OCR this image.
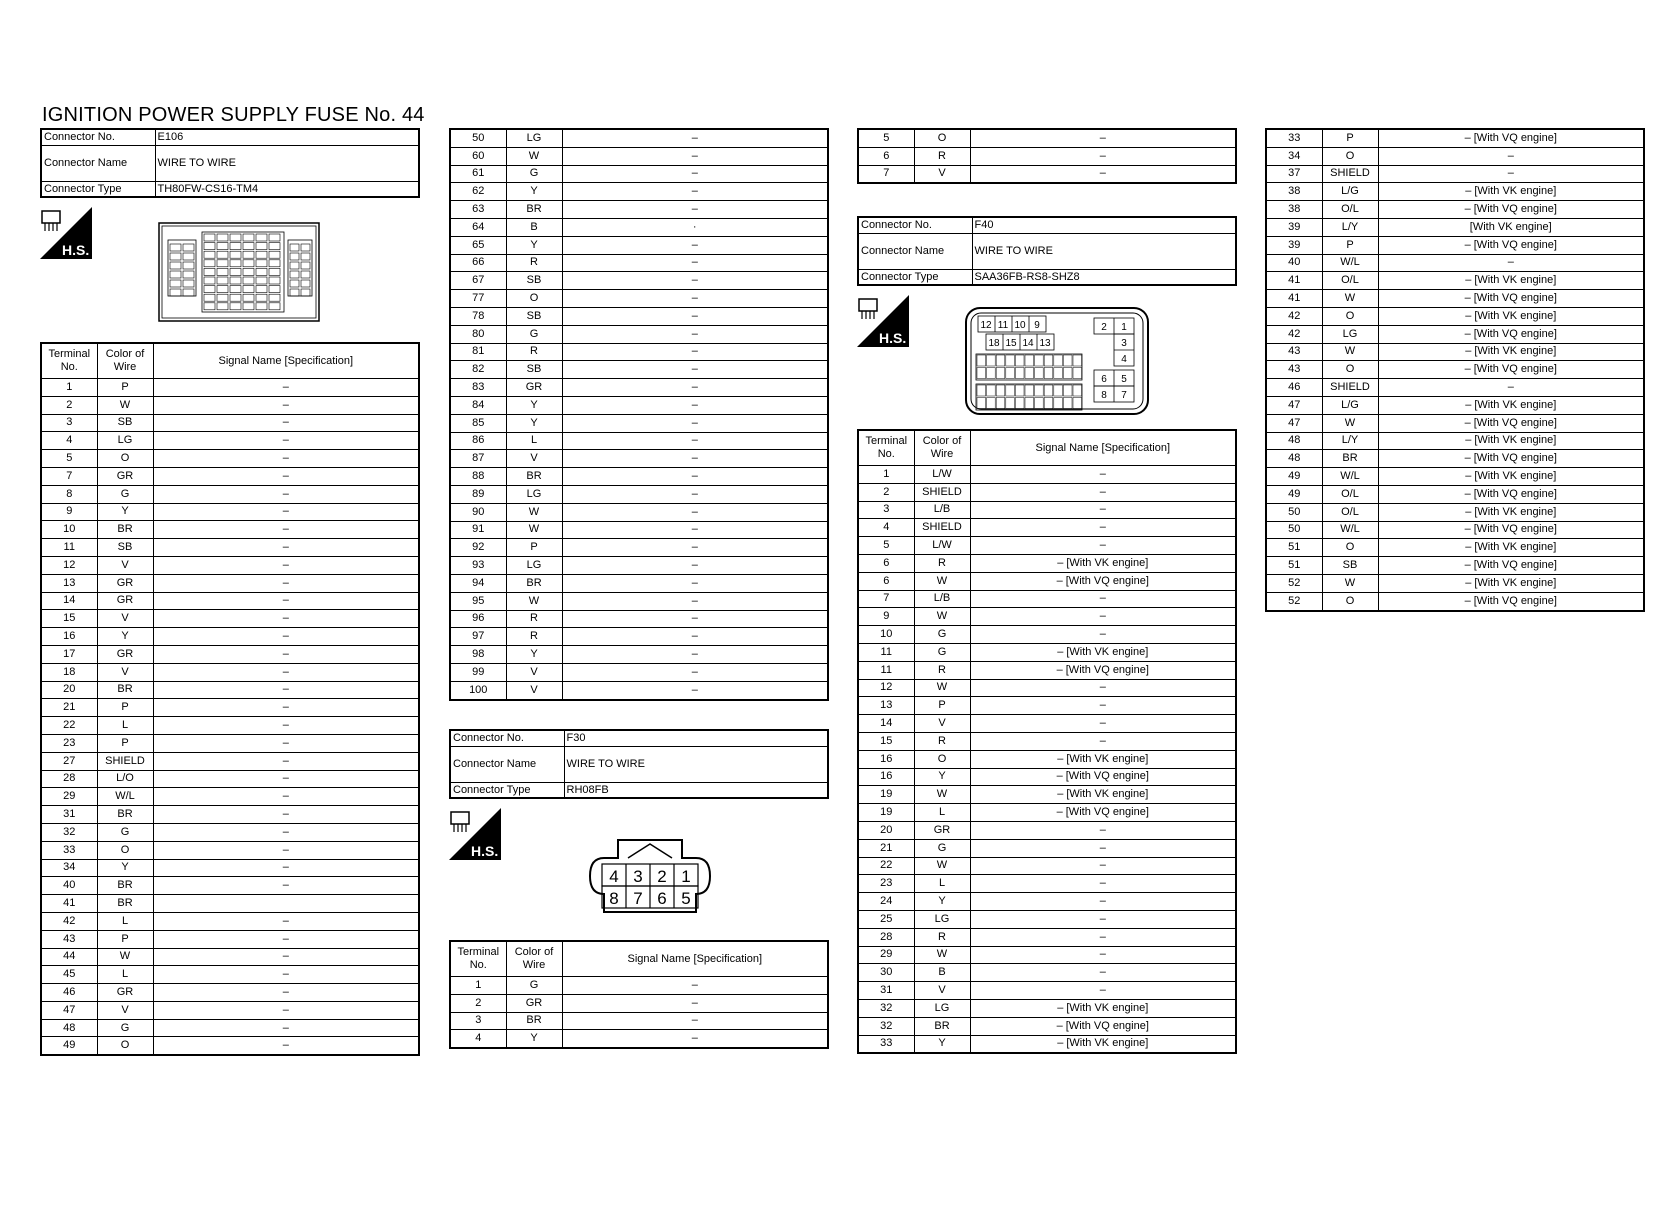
IGNITION POWER SUPPLY FUSE No. 44
Connector No.	E106
Connector Name	WIRE TO WIRE
Connector Type	TH80FW-CS16-TM4
H.S.
Terminal No.	Color of Wire	Signal Name [Specification]
1	P	–
2	W	–
3	SB	–
4	LG	–
5	O	–
7	GR	–
8	G	–
9	Y	–
10	BR	–
11	SB	–
12	V	–
13	GR	–
14	GR	–
15	V	–
16	Y	–
17	GR	–
18	V	–
20	BR	–
21	P	–
22	L	–
23	P	–
27	SHIELD	–
28	L/O	–
29	W/L	–
31	BR	–
32	G	–
33	O	–
34	Y	–
40	BR	–
41	BR	
42	L	–
43	P	–
44	W	–
45	L	–
46	GR	–
47	V	–
48	G	–
49	O	–
50	LG	–
60	W	–
61	G	–
62	Y	–
63	BR	–
64	B	·
65	Y	–
66	R	–
67	SB	–
77	O	–
78	SB	–
80	G	–
81	R	–
82	SB	–
83	GR	–
84	Y	–
85	Y	–
86	L	–
87	V	–
88	BR	–
89	LG	–
90	W	–
91	W	–
92	P	–
93	LG	–
94	BR	–
95	W	–
96	R	–
97	R	–
98	Y	–
99	V	–
100	V	–
Connector No.	F30
Connector Name	WIRE TO WIRE
Connector Type	RH08FB
H.S.
4 3 2 1
8 7 6 5
Terminal No.	Color of Wire	Signal Name [Specification]
1	G	–
2	GR	–
3	BR	–
4	Y	–
5	O	–
6	R	–
7	V	–
Connector No.	F40
Connector Name	WIRE TO WIRE
Connector Type	SAA36FB-RS8-SHZ8
H.S.
12 11 10 9
18 15 14 13
2 1
3
4
6 5
8 7
Terminal No.	Color of Wire	Signal Name [Specification]
1	L/W	–
2	SHIELD	–
3	L/B	–
4	SHIELD	–
5	L/W	–
6	R	– [With VK engine]
6	W	– [With VQ engine]
7	L/B	–
9	W	–
10	G	–
11	G	– [With VK engine]
11	R	– [With VQ engine]
12	W	–
13	P	–
14	V	–
15	R	–
16	O	– [With VK engine]
16	Y	– [With VQ engine]
19	W	– [With VK engine]
19	L	– [With VQ engine]
20	GR	–
21	G	–
22	W	–
23	L	–
24	Y	–
25	LG	–
28	R	–
29	W	–
30	B	–
31	V	–
32	LG	– [With VK engine]
32	BR	– [With VQ engine]
33	Y	– [With VK engine]
33	P	– [With VQ engine]
34	O	–
37	SHIELD	–
38	L/G	– [With VK engine]
38	O/L	– [With VQ engine]
39	L/Y	[With VK engine]
39	P	– [With VQ engine]
40	W/L	–
41	O/L	– [With VK engine]
41	W	– [With VQ engine]
42	O	– [With VK engine]
42	LG	– [With VQ engine]
43	W	– [With VK engine]
43	O	– [With VQ engine]
46	SHIELD	–
47	L/G	– [With VK engine]
47	W	– [With VQ engine]
48	L/Y	– [With VK engine]
48	BR	– [With VQ engine]
49	W/L	– [With VK engine]
49	O/L	– [With VQ engine]
50	O/L	– [With VK engine]
50	W/L	– [With VQ engine]
51	O	– [With VK engine]
51	SB	– [With VQ engine]
52	W	– [With VK engine]
52	O	– [With VQ engine]
